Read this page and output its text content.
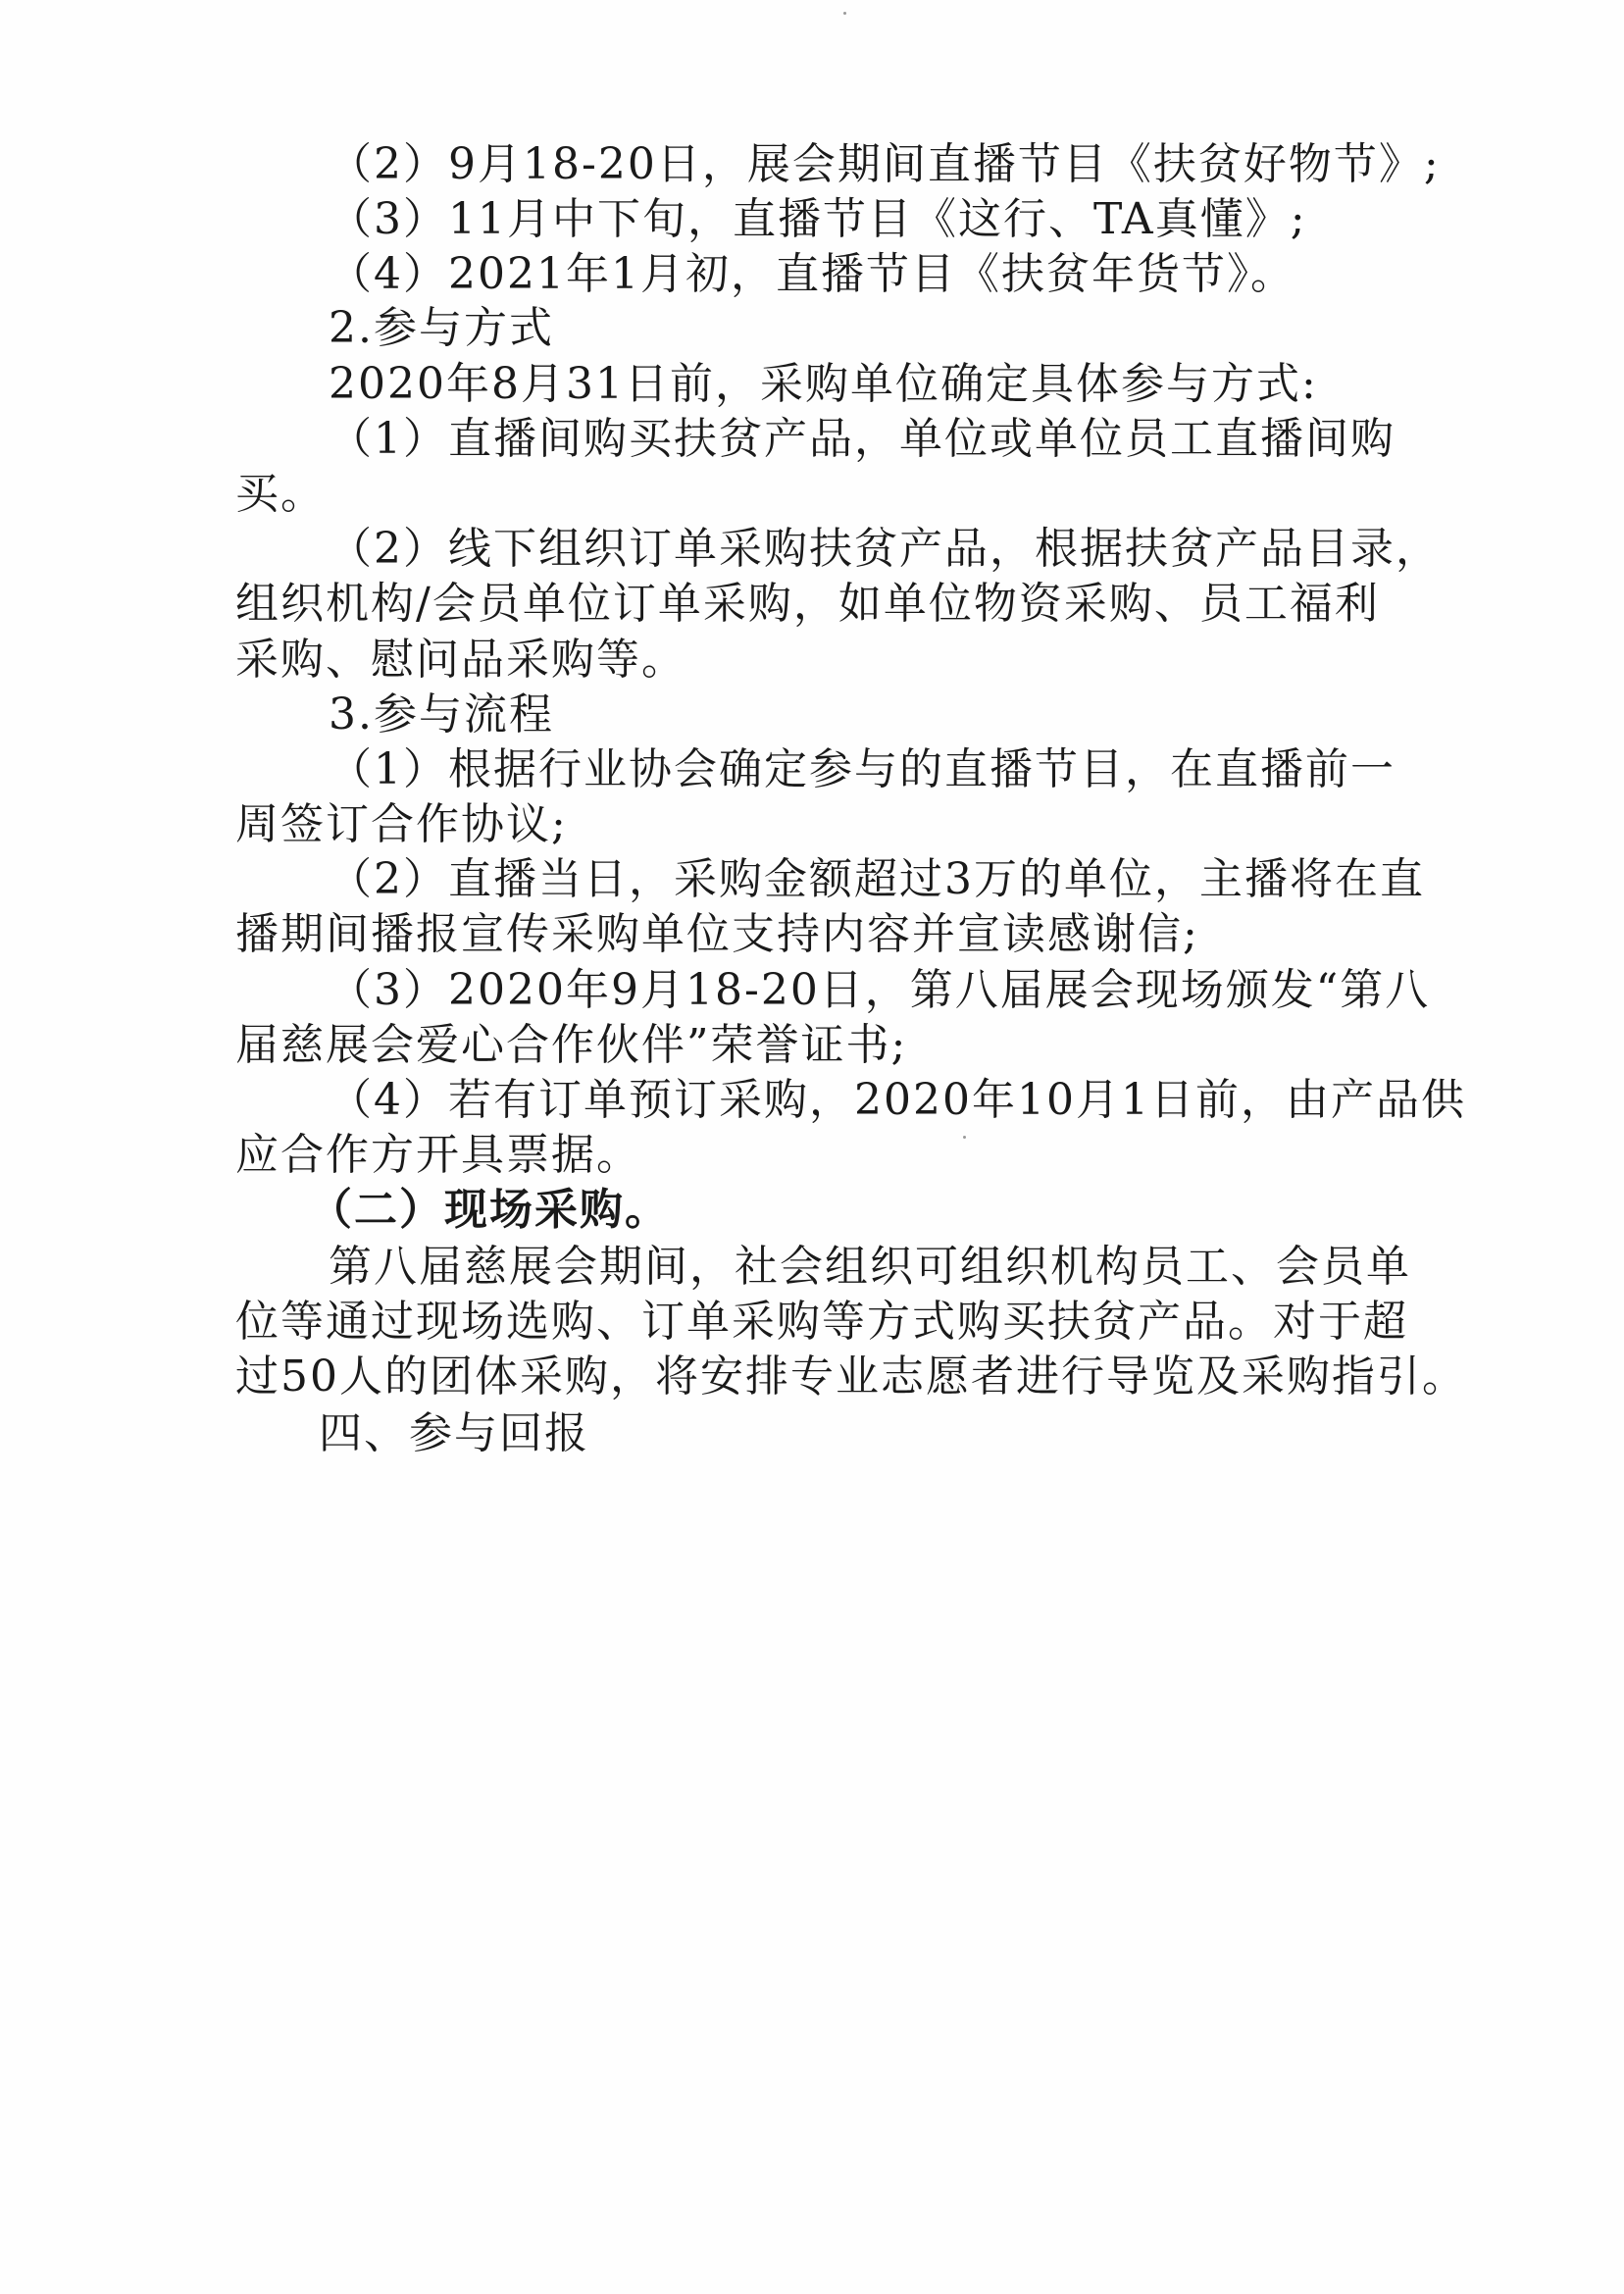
（2）9月18-20日，展会期间直播节目《扶贫好物节》;
（3）11月中下旬，直播节目《这行、TA真懂》;
（4）2021年1月初，直播节目《扶贫年货节》。
2.参与方式
2020年8月31日前，采购单位确定具体参与方式:
（1）直播间购买扶贫产品，单位或单位员工直播间购
买。
（2）线下组织订单采购扶贫产品，根据扶贫产品目录，
组织机构/会员单位订单采购，如单位物资采购、员工福利
采购、慰问品采购等。
3.参与流程
（1）根据行业协会确定参与的直播节目，在直播前一
周签订合作协议;
（2）直播当日，采购金额超过3万的单位，主播将在直
播期间播报宣传采购单位支持内容并宣读感谢信;
（3）2020年9月18-20日，第八届展会现场颁发“第八
届慈展会爱心合作伙伴”荣誉证书;
（4）若有订单预订采购，2020年10月1日前，由产品供
应合作方开具票据。
（二）现场采购。
第八届慈展会期间，社会组织可组织机构员工、会员单
位等通过现场选购、订单采购等方式购买扶贫产品。对于超
过50人的团体采购，将安排专业志愿者进行导览及采购指引。
四、参与回报
